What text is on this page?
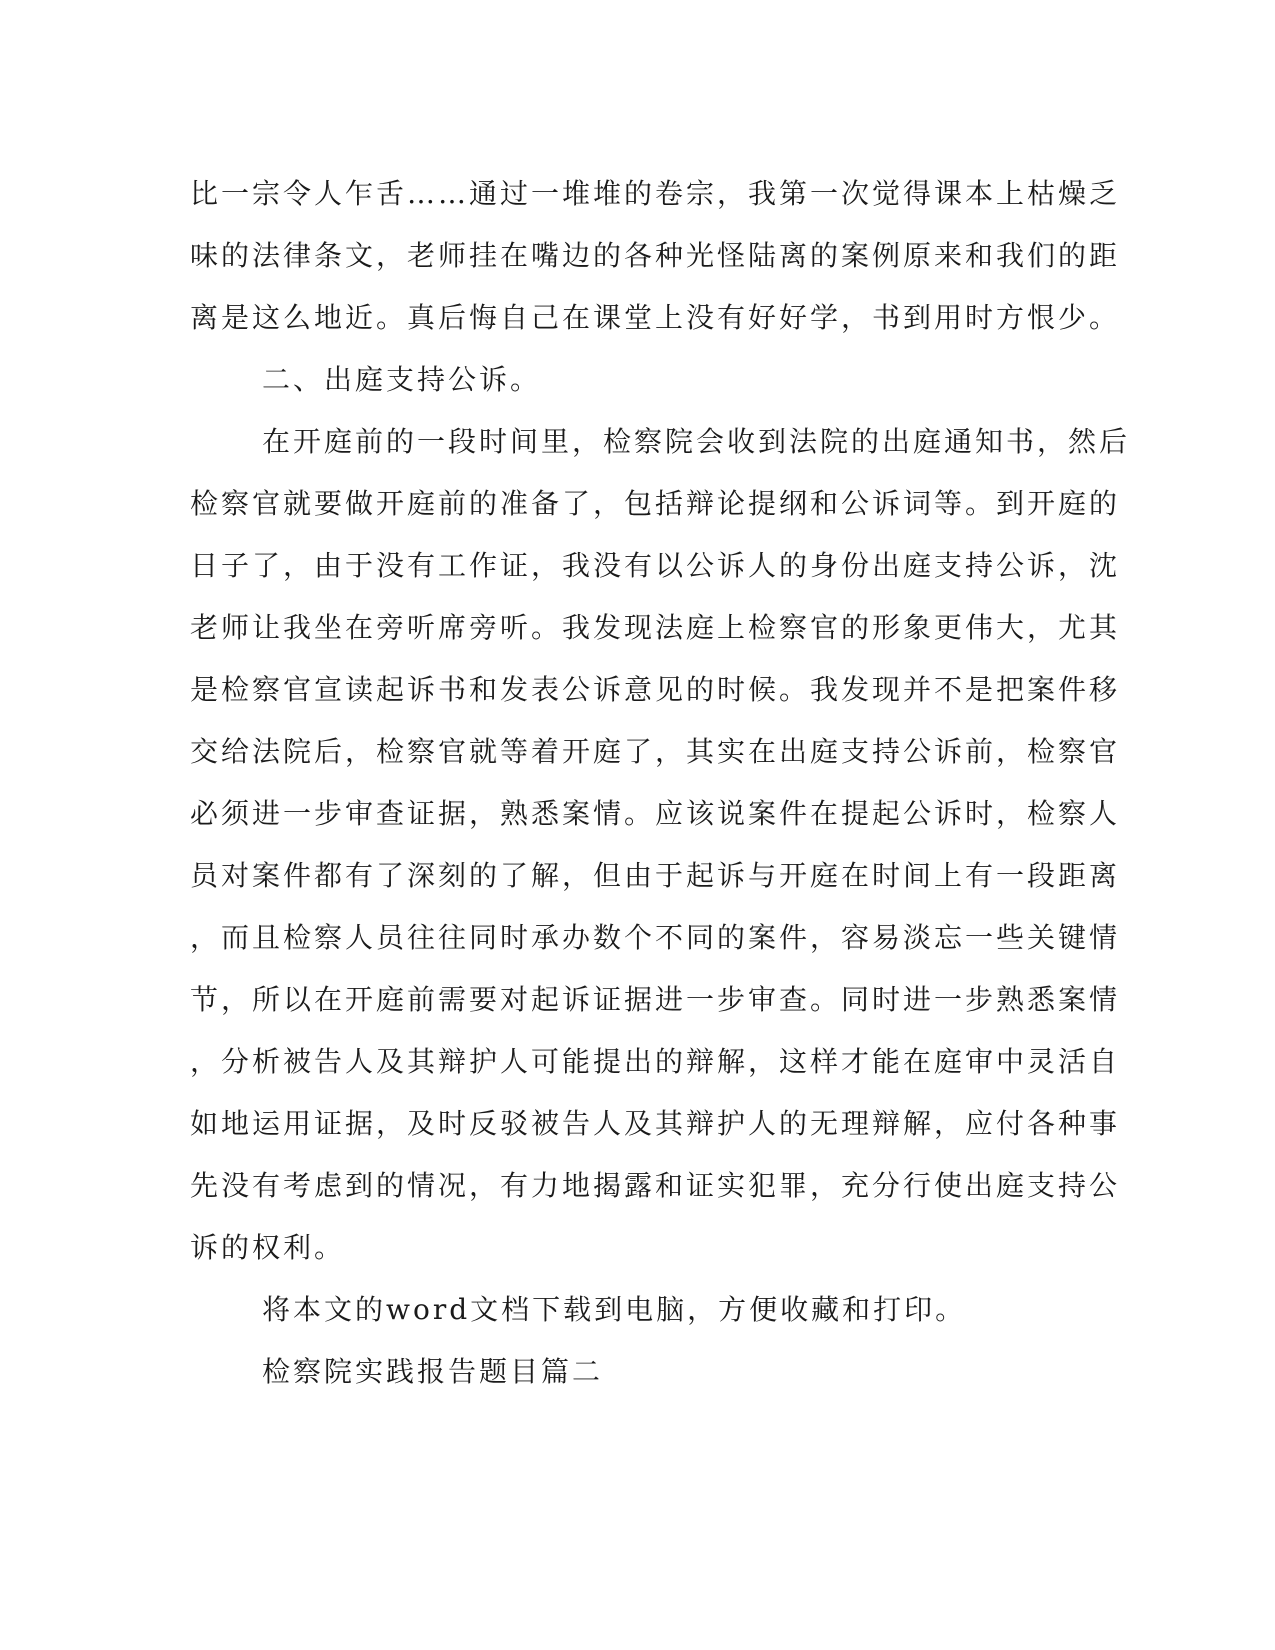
比一宗令人乍舌……通过一堆堆的卷宗，我第一次觉得课本上枯燥乏
味的法律条文，老师挂在嘴边的各种光怪陆离的案例原来和我们的距
离是这么地近。真后悔自己在课堂上没有好好学，书到用时方恨少。
二、出庭支持公诉。
在开庭前的一段时间里，检察院会收到法院的出庭通知书，然后
检察官就要做开庭前的准备了，包括辩论提纲和公诉词等。到开庭的
日子了，由于没有工作证，我没有以公诉人的身份出庭支持公诉，沈
老师让我坐在旁听席旁听。我发现法庭上检察官的形象更伟大，尤其
是检察官宣读起诉书和发表公诉意见的时候。我发现并不是把案件移
交给法院后，检察官就等着开庭了，其实在出庭支持公诉前，检察官
必须进一步审查证据，熟悉案情。应该说案件在提起公诉时，检察人
员对案件都有了深刻的了解，但由于起诉与开庭在时间上有一段距离
，而且检察人员往往同时承办数个不同的案件，容易淡忘一些关键情
节，所以在开庭前需要对起诉证据进一步审查。同时进一步熟悉案情
，分析被告人及其辩护人可能提出的辩解，这样才能在庭审中灵活自
如地运用证据，及时反驳被告人及其辩护人的无理辩解，应付各种事
先没有考虑到的情况，有力地揭露和证实犯罪，充分行使出庭支持公
诉的权利。
将本文的word文档下载到电脑，方便收藏和打印。
检察院实践报告题目篇二
